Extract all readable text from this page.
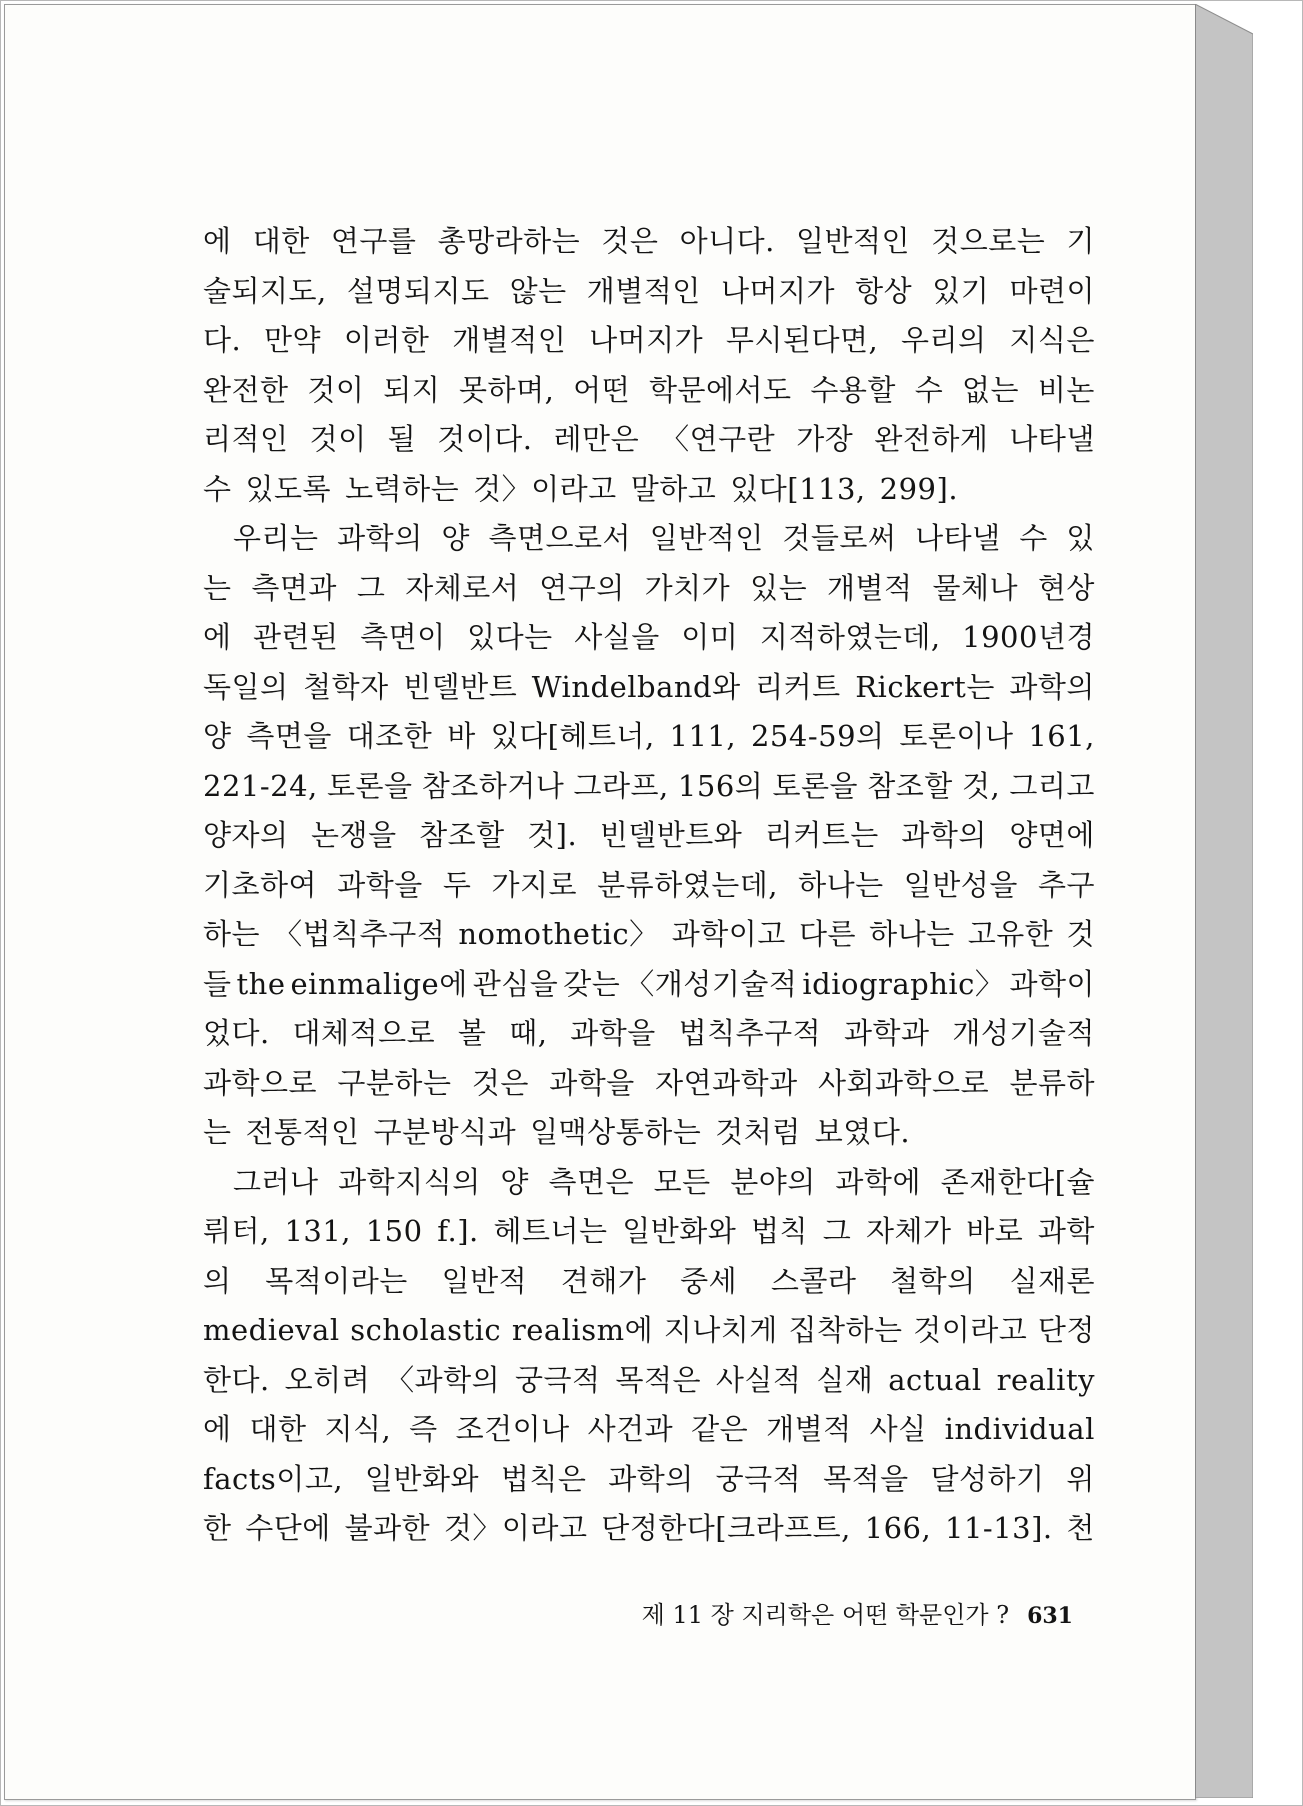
에 대한 연구를 총망라하는 것은 아니다. 일반적인 것으로는 기
술되지도, 설명되지도 않는 개별적인 나머지가 항상 있기 마련이
다. 만약 이러한 개별적인 나머지가 무시된다면, 우리의 지식은
완전한 것이 되지 못하며, 어떤 학문에서도 수용할 수 없는 비논
리적인 것이 될 것이다. 레만은 〈연구란 가장 완전하게 나타낼
수 있도록 노력하는 것〉이라고 말하고 있다[113, 299].
우리는 과학의 양 측면으로서 일반적인 것들로써 나타낼 수 있
는 측면과 그 자체로서 연구의 가치가 있는 개별적 물체나 현상
에 관련된 측면이 있다는 사실을 이미 지적하였는데, 1900년경
독일의 철학자 빈델반트 Windelband와 리커트 Rickert는 과학의
양 측면을 대조한 바 있다[헤트너, 111, 254-59의 토론이나 161,
221-24, 토론을 참조하거나 그라프, 156의 토론을 참조할 것, 그리고
양자의 논쟁을 참조할 것]. 빈델반트와 리커트는 과학의 양면에
기초하여 과학을 두 가지로 분류하였는데, 하나는 일반성을 추구
하는 〈법칙추구적 nomothetic〉 과학이고 다른 하나는 고유한 것
들 the einmalige에 관심을 갖는 〈개성기술적 idiographic〉 과학이
었다. 대체적으로 볼 때, 과학을 법칙추구적 과학과 개성기술적
과학으로 구분하는 것은 과학을 자연과학과 사회과학으로 분류하
는 전통적인 구분방식과 일맥상통하는 것처럼 보였다.
그러나 과학지식의 양 측면은 모든 분야의 과학에 존재한다[슐
뤼터, 131, 150 f.]. 헤트너는 일반화와 법칙 그 자체가 바로 과학
의 목적이라는 일반적 견해가 중세 스콜라 철학의 실재론
medieval scholastic realism에 지나치게 집착하는 것이라고 단정
한다. 오히려 〈과학의 궁극적 목적은 사실적 실재 actual reality
에 대한 지식, 즉 조건이나 사건과 같은 개별적 사실 individual
facts이고, 일반화와 법칙은 과학의 궁극적 목적을 달성하기 위
한 수단에 불과한 것〉이라고 단정한다[크라프트, 166, 11-13]. 천
제 11 장 지리학은 어떤 학문인가 ? 631
